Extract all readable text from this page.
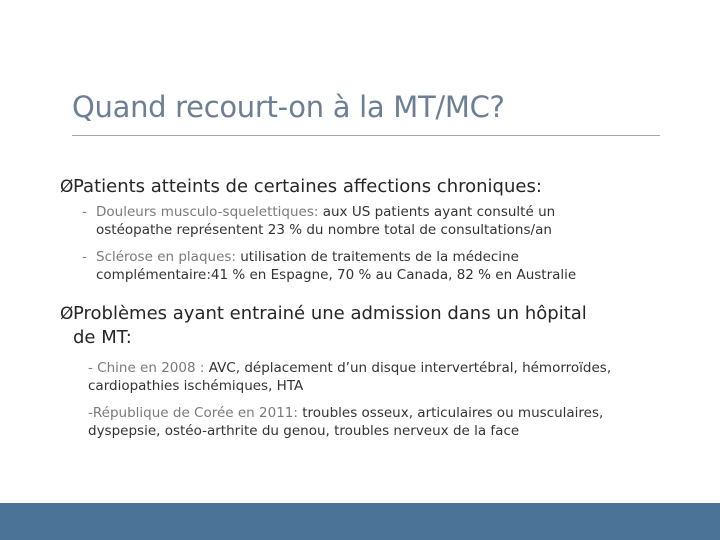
Quand recourt-on à la MT/MC?
ØPatients atteints de certaines affections chroniques:
- Douleurs musculo-squelettiques: aux US patients ayant consulté un
ostéopathe représentent 23 % du nombre total de consultations/an
- Sclérose en plaques: utilisation de traitements de la médecine
complémentaire:41 % en Espagne, 70 % au Canada, 82 % en Australie
ØProblèmes ayant entrainé une admission dans un hôpital
de MT:
- Chine en 2008 : AVC, déplacement d’un disque intervertébral, hémorroïdes,
cardiopathies ischémiques, HTA
-République de Corée en 2011: troubles osseux, articulaires ou musculaires,
dyspepsie, ostéo-arthrite du genou, troubles nerveux de la face
